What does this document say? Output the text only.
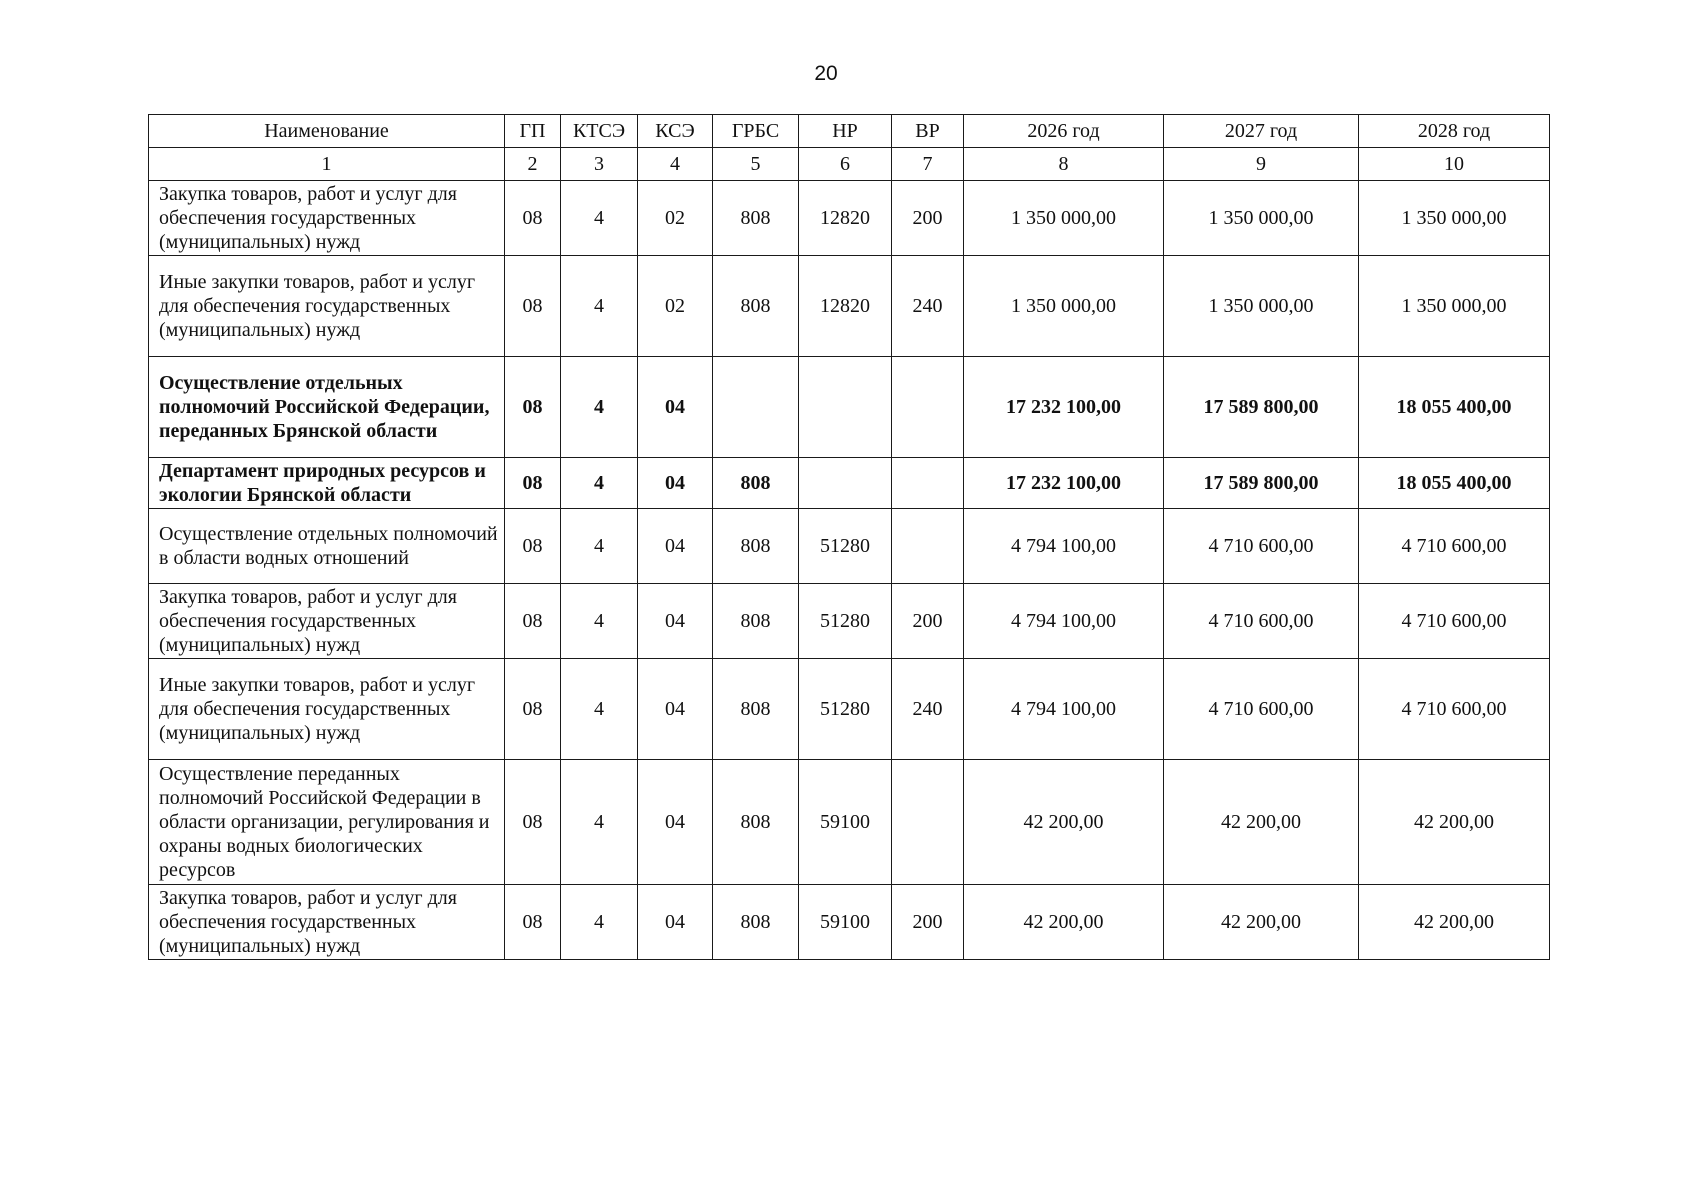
20
Наименование	ГП	КТСЭ	КСЭ	ГРБС	НР	ВР	2026 год	2027 год	2028 год
1	2	3	4	5	6	7	8	9	10
Закупка товаров, работ и услуг для обеспечения государственных (муниципальных) нужд	08	4	02	808	12820	200	1 350 000,00	1 350 000,00	1 350 000,00
Иные закупки товаров, работ и услуг для обеспечения государственных (муниципальных) нужд	08	4	02	808	12820	240	1 350 000,00	1 350 000,00	1 350 000,00
Осуществление отдельных полномочий Российской Федерации, переданных Брянской области	08	4	04				17 232 100,00	17 589 800,00	18 055 400,00
Департамент природных ресурсов и экологии Брянской области	08	4	04	808			17 232 100,00	17 589 800,00	18 055 400,00
Осуществление отдельных полномочий в области водных отношений	08	4	04	808	51280		4 794 100,00	4 710 600,00	4 710 600,00
Закупка товаров, работ и услуг для обеспечения государственных (муниципальных) нужд	08	4	04	808	51280	200	4 794 100,00	4 710 600,00	4 710 600,00
Иные закупки товаров, работ и услуг для обеспечения государственных (муниципальных) нужд	08	4	04	808	51280	240	4 794 100,00	4 710 600,00	4 710 600,00
Осуществление переданных полномочий Российской Федерации в области организации, регулирования и охраны водных биологических ресурсов	08	4	04	808	59100		42 200,00	42 200,00	42 200,00
Закупка товаров, работ и услуг для обеспечения государственных (муниципальных) нужд	08	4	04	808	59100	200	42 200,00	42 200,00	42 200,00
